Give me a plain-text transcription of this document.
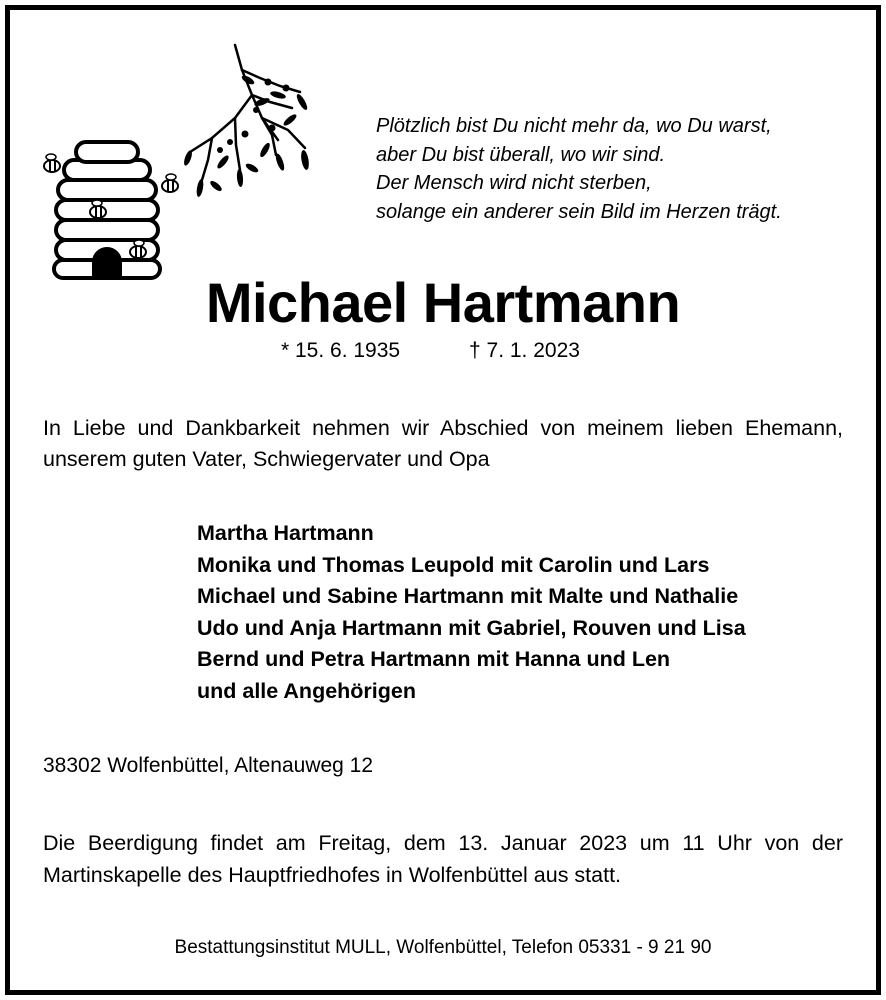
Plötzlich bist Du nicht mehr da, wo Du warst,
aber Du bist überall, wo wir sind.
Der Mensch wird nicht sterben,
solange ein anderer sein Bild im Herzen trägt.
Michael Hartmann
* 15. 6. 1935	† 7. 1. 2023
In Liebe und Dankbarkeit nehmen wir Abschied von meinem lieben Ehemann, unserem guten Vater, Schwiegervater und Opa
Martha Hartmann
Monika und Thomas Leupold mit Carolin und Lars
Michael und Sabine Hartmann mit Malte und Nathalie
Udo und Anja Hartmann mit Gabriel, Rouven und Lisa
Bernd und Petra Hartmann mit Hanna und Len
und alle Angehörigen
38302 Wolfenbüttel, Altenauweg 12
Die Beerdigung findet am Freitag, dem 13. Januar 2023 um 11 Uhr von der Martinskapelle des Hauptfriedhofes in Wolfenbüttel aus statt.
Bestattungsinstitut MULL, Wolfenbüttel, Telefon 05331 - 9 21 90
